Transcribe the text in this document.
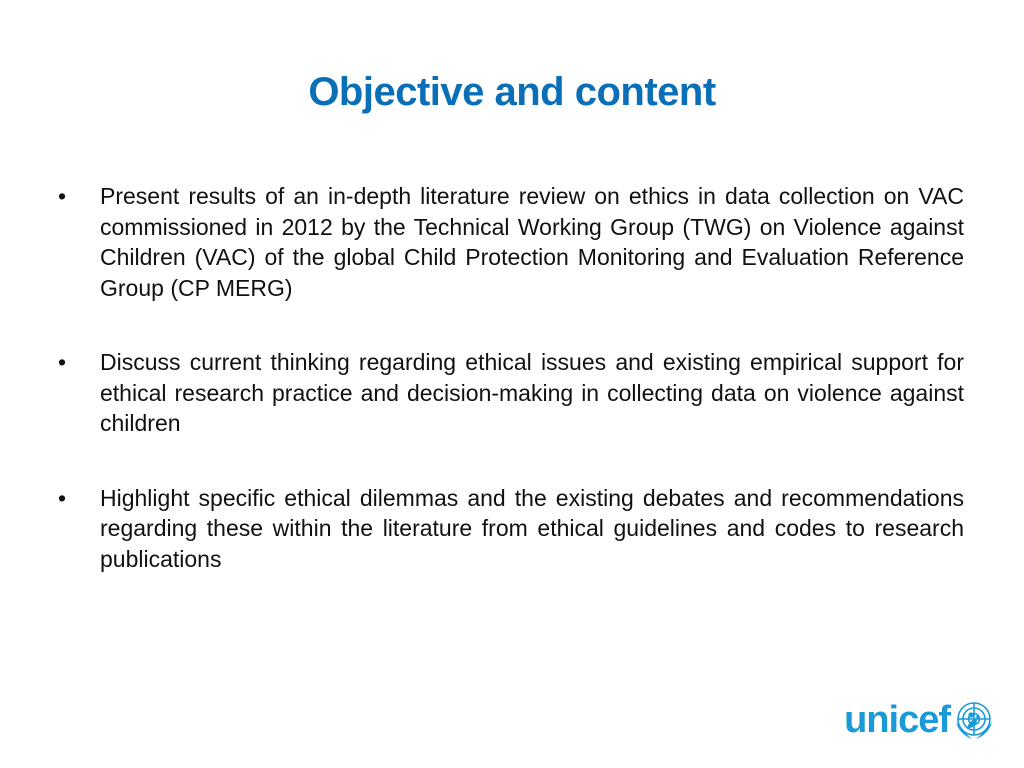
Objective and content
•	Present results of an in-depth literature review on ethics in data collection on VAC commissioned in 2012 by the Technical Working Group (TWG) on Violence against Children (VAC) of the global Child Protection Monitoring and Evaluation Reference Group (CP MERG)
•	Discuss current thinking regarding ethical issues and existing empirical support for ethical research practice and decision-making in collecting data on violence against children
•	Highlight specific ethical dilemmas and the existing debates and recommendations regarding these within the literature from ethical guidelines and codes to research publications
unicef
